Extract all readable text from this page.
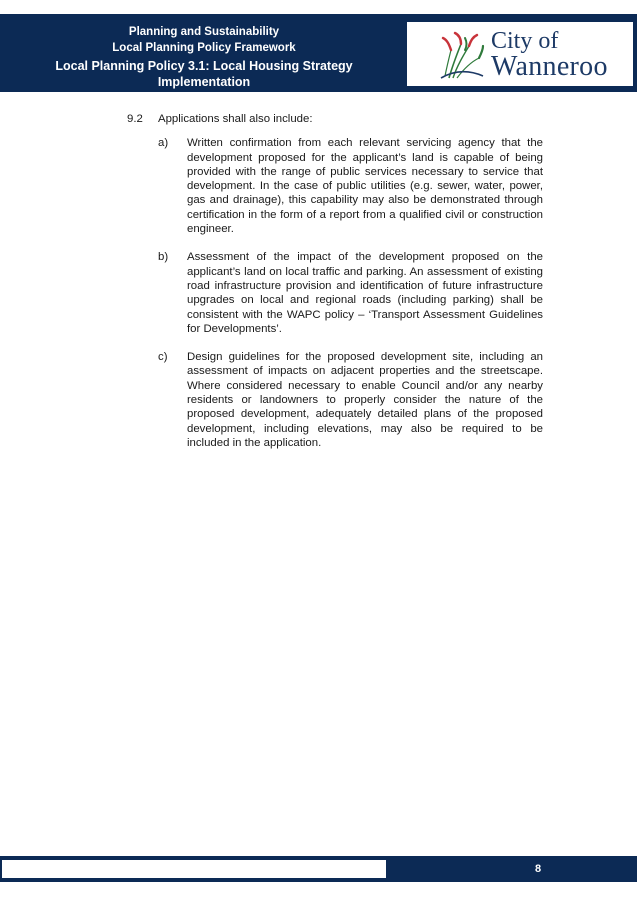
Planning and Sustainability
Local Planning Policy Framework
Local Planning Policy 3.1: Local Housing Strategy Implementation
City of
Wanneroo
9.2	Applications shall also include:
a)	Written confirmation from each relevant servicing agency that the development proposed for the applicant’s land is capable of being provided with the range of public services necessary to service that development. In the case of public utilities (e.g. sewer, water, power, gas and drainage), this capability may also be demonstrated through certification in the form of a report from a qualified civil or construction engineer.
b)	Assessment of the impact of the development proposed on the applicant’s land on local traffic and parking. An assessment of existing road infrastructure provision and identification of future infrastructure upgrades on local and regional roads (including parking) shall be consistent with the WAPC policy – ‘Transport Assessment Guidelines for Developments’.
c)	Design guidelines for the proposed development site, including an assessment of impacts on adjacent properties and the streetscape. Where considered necessary to enable Council and/or any nearby residents or landowners to properly consider the nature of the proposed development, adequately detailed plans of the proposed development, including elevations, may also be required to be included in the application.
8
